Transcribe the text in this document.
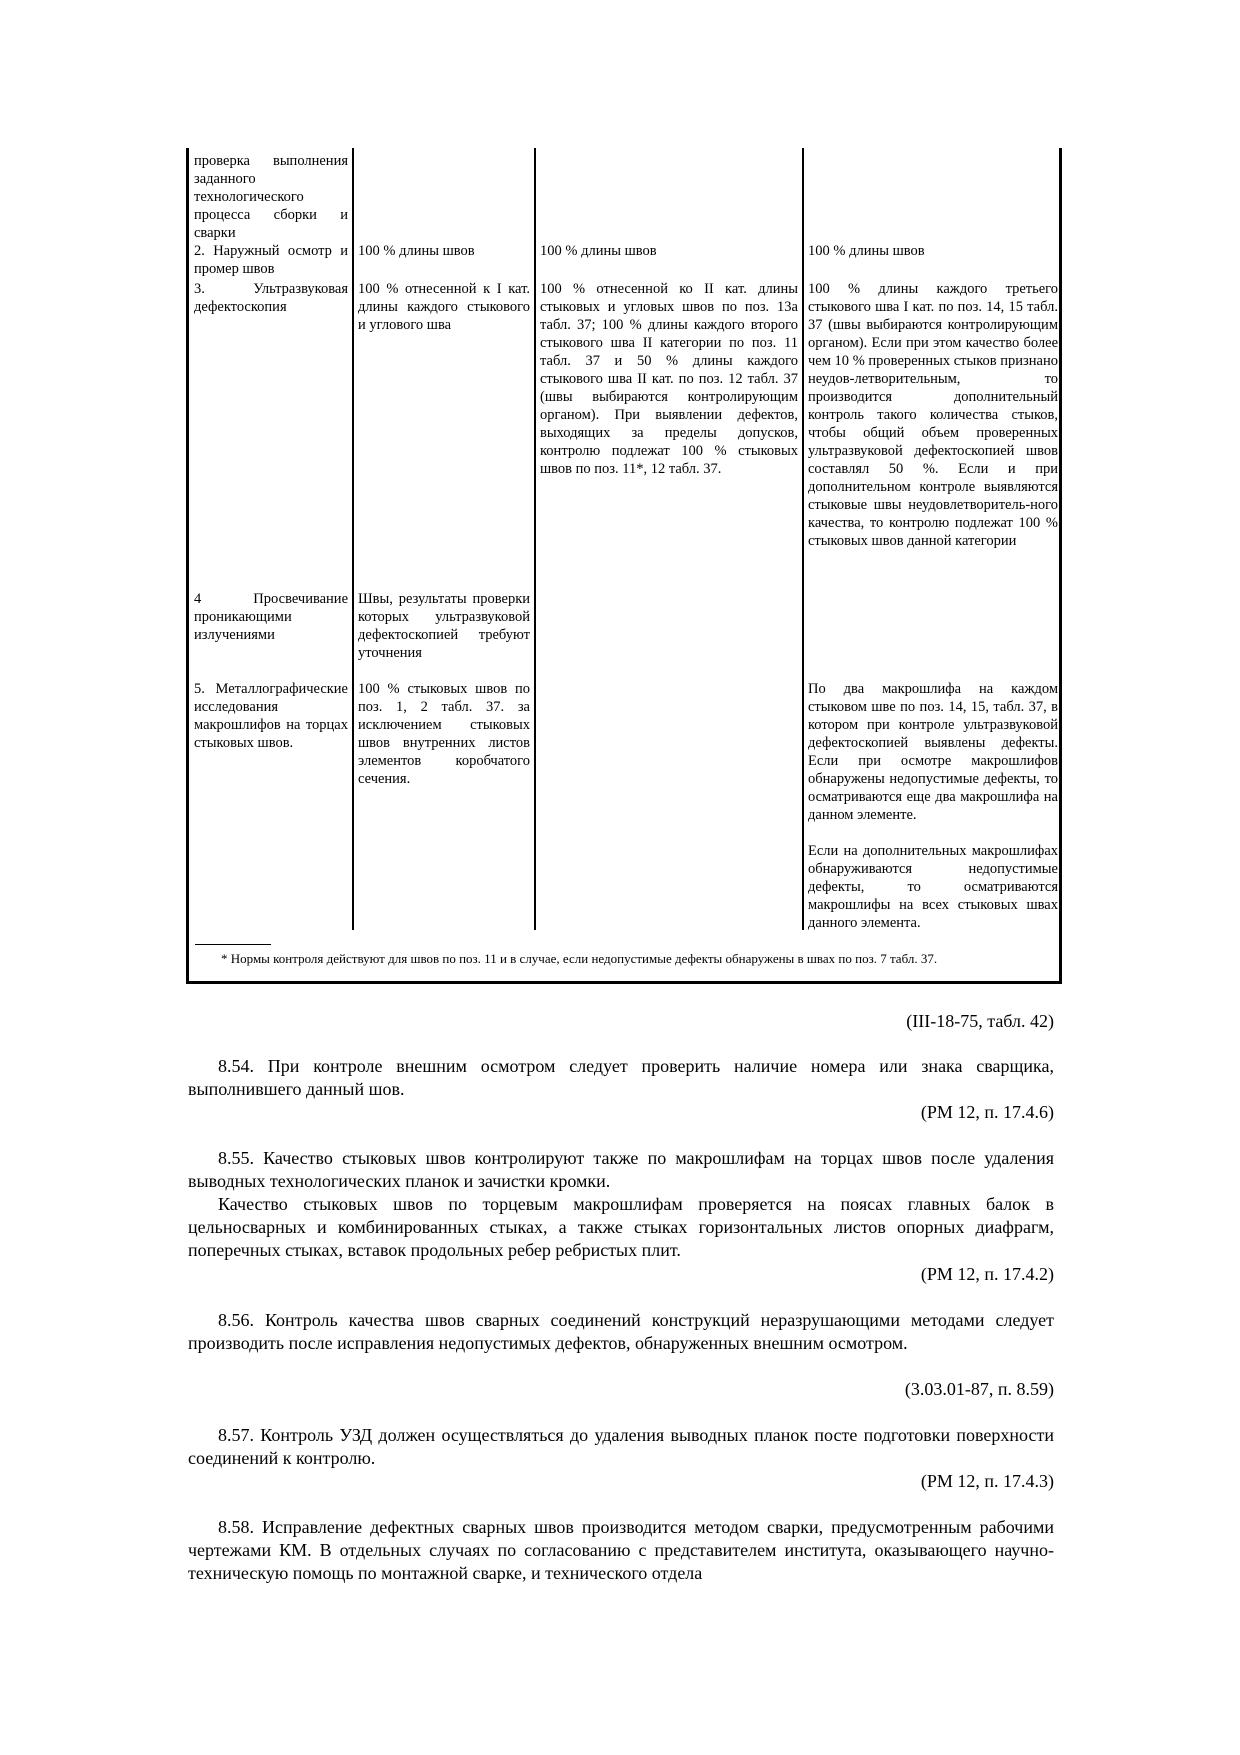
проверка выполнения заданного технологического процесса сборки и сварки
2. Наружный осмотр и промер швов
100 % длины швов	100 % длины швов	100 % длины швов
3. Ультразвуковая дефектоскопия
100 % отнесенной к I кат. длины каждого стыкового и углового шва
100 % отнесенной ко II кат. длины стыковых и угловых швов по поз. 13а табл. 37; 100 % длины каждого второго стыкового шва II категории по поз. 11 табл. 37 и 50 % длины каждого стыкового шва II кат. по поз. 12 табл. 37 (швы выбираются контролирующим органом). При выявлении дефектов, выходящих за пределы допусков, контролю подлежат 100 % стыковых швов по поз. 11*, 12 табл. 37.
100 % длины каждого третьего стыкового шва I кат. по поз. 14, 15 табл. 37 (швы выбираются контролирующим органом). Если при этом качество более чем 10 % проверенных стыков признано неудов-летворительным, то производится дополнительный контроль такого количества стыков, чтобы общий объем проверенных ультразвуковой дефектоскопией швов составлял 50 %. Если и при дополнительном контроле выявляются стыковые швы неудовлетворитель-ного качества, то контролю подлежат 100 % стыковых швов данной категории
4 Просвечивание проникающими излучениями
Швы, результаты проверки которых ультразвуковой дефектоскопией требуют уточнения
5. Металлографические исследования макрошлифов на торцах стыковых швов.
100 % стыковых швов по поз. 1, 2 табл. 37. за исключением стыковых швов внутренних листов элементов коробчатого сечения.
По два макрошлифа на каждом стыковом шве по поз. 14, 15, табл. 37, в котором при контроле ультразвуковой дефектоскопией выявлены дефекты. Если при осмотре макрошлифов обнаружены недопустимые дефекты, то осматриваются еще два макрошлифа на данном элементе.
Если на дополнительных макрошлифах обнаруживаются недопустимые дефекты, то осматриваются макрошлифы на всех стыковых швах данного элемента.
* Нормы контроля действуют для швов по поз. 11 и в случае, если недопустимые дефекты обнаружены в швах по поз. 7 табл. 37.
(III-18-75, табл. 42)

8.54. При контроле внешним осмотром следует проверить наличие номера или знака сварщика, выполнившего данный шов.

(РМ 12, п. 17.4.6)

8.55. Качество стыковых швов контролируют также по макрошлифам на торцах швов после удаления выводных технологических планок и зачистки кромки.

Качество стыковых швов по торцевым макрошлифам проверяется на поясах главных балок в цельносварных и комбинированных стыках, а также стыках горизонтальных листов опорных диафрагм, поперечных стыках, вставок продольных ребер ребристых плит.

(РМ 12, п. 17.4.2)

8.56. Контроль качества швов сварных соединений конструкций неразрушающими методами следует производить после исправления недопустимых дефектов, обнаруженных внешним осмотром.

(3.03.01-87, п. 8.59)

8.57. Контроль УЗД должен осуществляться до удаления выводных планок посте подготовки поверхности соединений к контролю.

(РМ 12, п. 17.4.3)

8.58. Исправление дефектных сварных швов производится методом сварки, предусмотренным рабочими чертежами КМ. В отдельных случаях по согласованию с представителем института, оказывающего научно-техническую помощь по монтажной сварке, и технического отдела
